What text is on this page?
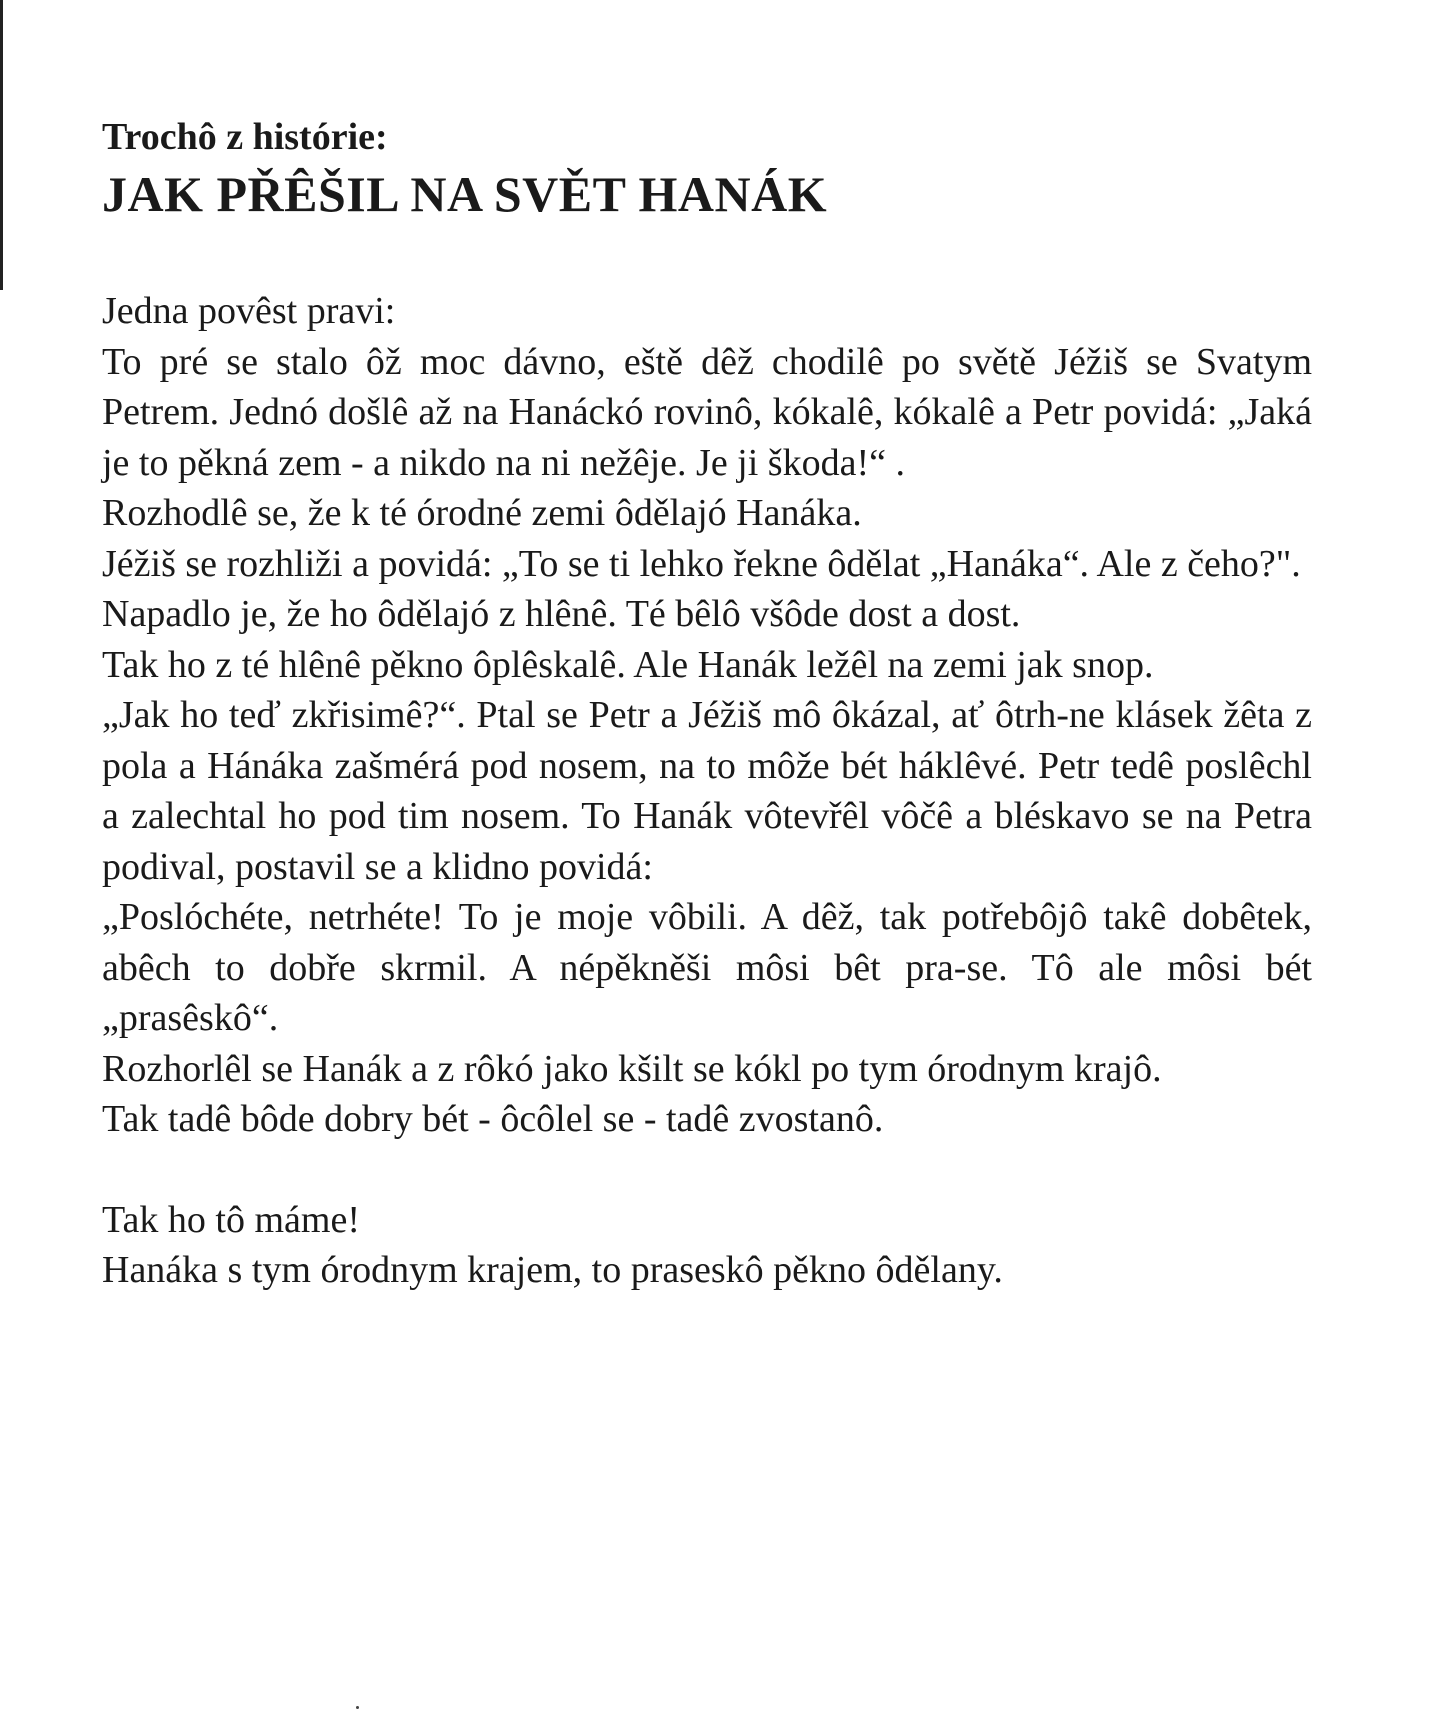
Trochô z histórie:

JAK PŘÊŠIL NA SVĚT HANÁK

Jedna povêst pravi:

To pré se stalo ôž moc dávno, eště dêž chodilê po světě Jéžiš se Svatym Petrem. Jednó došlê až na Hanáckó rovinô, kókalê, kókalê a Petr povidá: „Jaká je to pěkná zem - a nikdo na ni nežêje. Je ji škoda!“ .

Rozhodlê se, že k té órodné zemi ôdělajó Hanáka.

Jéžiš se rozhliži a povidá: „To se ti lehko řekne ôdělat „Hanáka“. Ale z čeho?".

Napadlo je, že ho ôdělajó z hlênê. Té bêlô všôde dost a dost.

Tak ho z té hlênê pěkno ôplêskalê. Ale Hanák ležêl na zemi jak snop.

„Jak ho teď zkřisimê?“. Ptal se Petr a Jéžiš mô ôkázal, ať ôtrh-ne klásek žêta z pola a Hánáka zašmérá pod nosem, na to môže bét háklêvé. Petr tedê poslêchl a zalechtal ho pod tim nosem. To Hanák vôtevřêl vôčê a bléskavo se na Petra podival, postavil se a klidno povidá:

„Poslóchéte, netrhéte! To je moje vôbili. A dêž, tak potřebôjô takê dobêtek, abêch to dobře skrmil. A népěkněši môsi bêt pra-se. Tô ale môsi bét „prasêskô“.

Rozhorlêl se Hanák a z rôkó jako kšilt se kókl po tym órodnym krajô.

Tak tadê bôde dobry bét - ôcôlel se - tadê zvostanô.

Tak ho tô máme!

Hanáka s tym órodnym krajem, to praseskô pěkno ôdělany.
